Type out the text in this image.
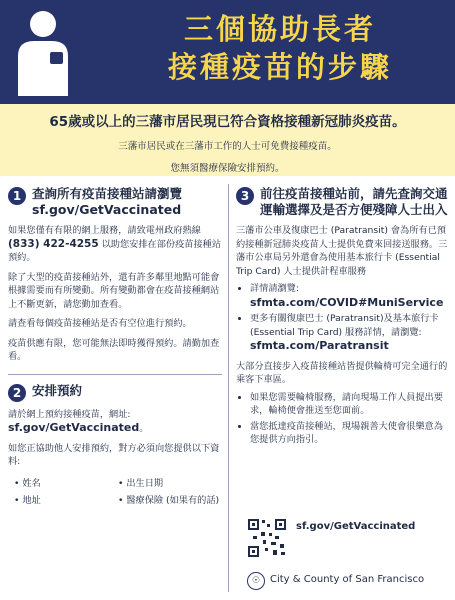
三個協助長者
接種疫苗的步驟
65歲或以上的三藩市居民現已符合資格接種新冠肺炎疫苗。
三藩市居民或在三藩市工作的人士可免費接種疫苗。
您無須醫療保險安排預約。
1 查詢所有疫苗接種站請瀏覽
sf.gov/GetVaccinated
如果您僅有有限的網上服務，請致電州政府熱線 (833) 422-4255 以助您安排在部份疫苗接種站預約。
除了大型的疫苗接種站外，還有許多鄰里地點可能會根據需要而有所變動。所有變動都會在疫苗接種網站上不斷更新，請您勤加查看。
請查看每個疫苗接種站是否有空位進行預約。
疫苗供應有限，您可能無法即時獲得預約。請勤加查看。
2 安排預約
請於網上預約接種疫苗，網址:
sf.gov/GetVaccinated。
如您正協助他人安排預約，對方必須向您提供以下資料:
• 姓名	• 出生日期
• 地址	• 醫療保險 (如果有的話)
3 前往疫苗接種站前，請先查詢交通運輸選擇及是否方便殘障人士出入
三藩市公車及復康巴士 (Paratransit) 會為所有已預約接種新冠肺炎疫苗人士提供免費來回接送服務。三藩市公車局另外還會為使用基本旅行卡 (Essential Trip Card) 人士提供計程車服務
• 詳情請瀏覽: sfmta.com/COVID#MuniService
• 更多有關復康巴士 (Paratransit)及基本旅行卡 (Essential Trip Card) 服務詳情，請瀏覽: sfmta.com/Paratransit
大部分直接步入疫苗接種站皆提供輪椅可完全通行的乘客下車區。
• 如果您需要輪椅服務，請向現場工作人員提出要求，輪椅便會推送至您面前。
• 當您抵達疫苗接種站，現場親善大使會很樂意為您提供方向指引。
sf.gov/GetVaccinated
☉ City & County of San Francisco
